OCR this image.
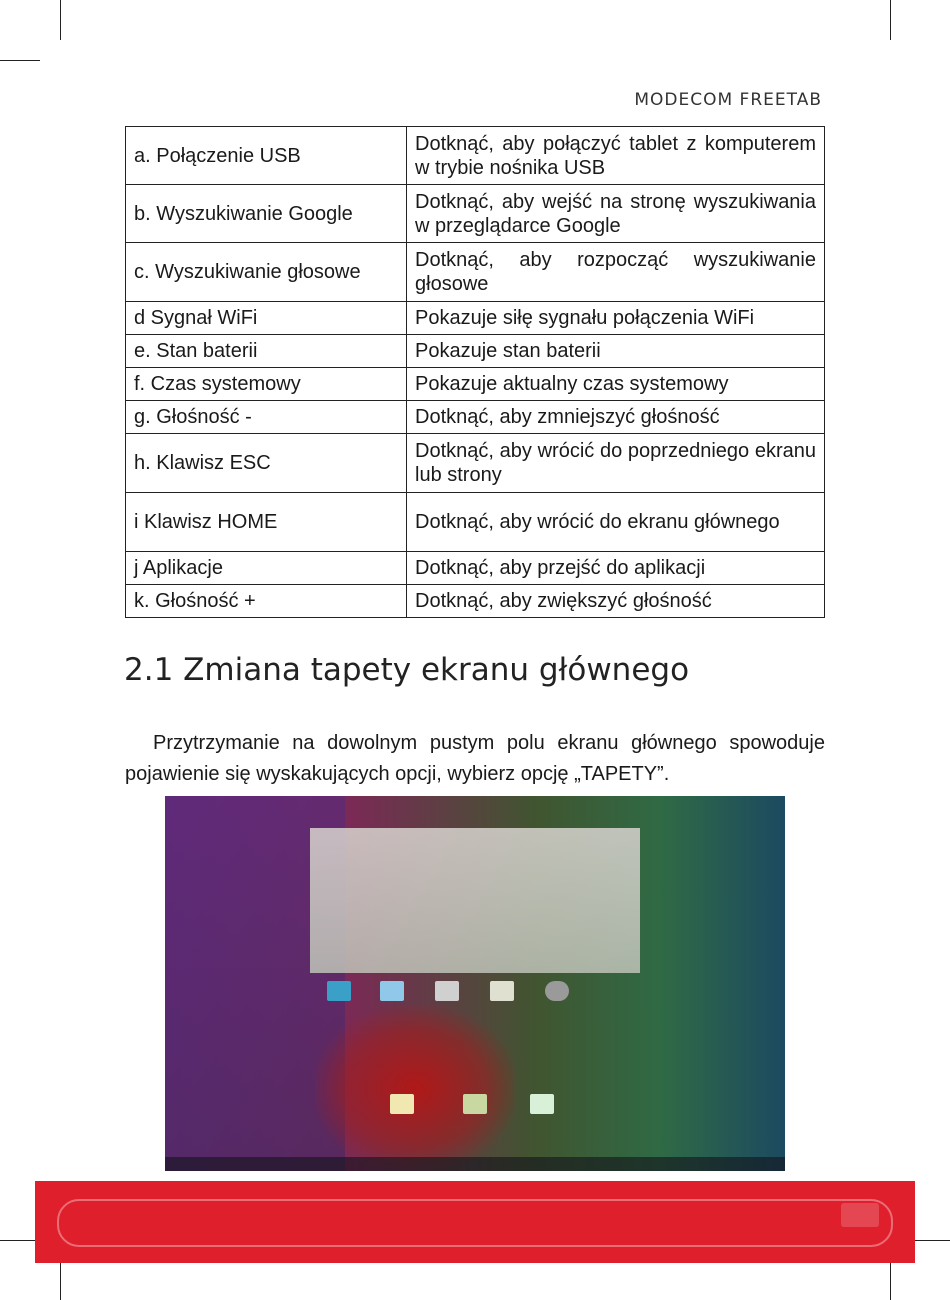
MODECOM FREETAB
a. Połączenie USB	Dotknąć, aby połączyć tablet z komputerem w trybie nośnika USB
b. Wyszukiwanie Google	Dotknąć, aby wejść na stronę wyszukiwania w przeglądarce Google
c. Wyszukiwanie głosowe	Dotknąć, aby rozpocząć wyszukiwanie głosowe
d Sygnał WiFi	Pokazuje siłę sygnału połączenia WiFi
e. Stan baterii	Pokazuje stan baterii
f. Czas systemowy	Pokazuje aktualny czas systemowy
g. Głośność -	Dotknąć, aby zmniejszyć głośność
h. Klawisz ESC	Dotknąć, aby wrócić do poprzedniego ekranu lub strony
i Klawisz HOME	Dotknąć, aby wrócić do ekranu głównego
j Aplikacje	Dotknąć, aby przejść do aplikacji
k. Głośność +	Dotknąć, aby zwiększyć głośność
2.1 Zmiana tapety ekranu głównego

Przytrzymanie na dowolnym pustym polu ekranu głównego spowoduje pojawienie się wyskakujących opcji, wybierz opcję „TAPETY”.
